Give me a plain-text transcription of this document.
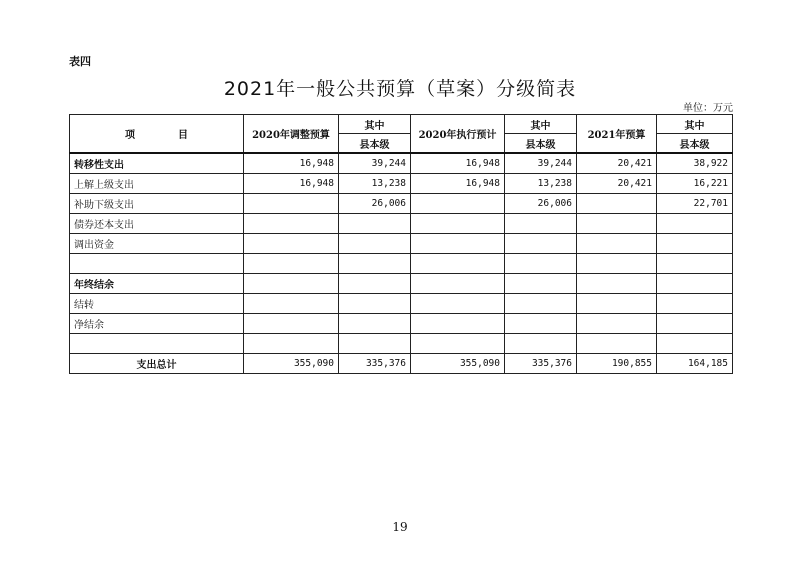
表四
2021年一般公共预算（草案）分级简表
单位：万元
项 目	2020年调整预算	其中	2020年执行预计	其中	2021年预算	其中
		县本级		县本级		县本级
转移性支出	16,948	39,244	16,948	39,244	20,421	38,922
上解上级支出	16,948	13,238	16,948	13,238	20,421	16,221
补助下级支出		26,006		26,006		22,701
债券还本支出						
调出资金						

年终结余						
结转						
净结余						

支出总计	355,090	335,376	355,090	335,376	190,855	164,185
19
